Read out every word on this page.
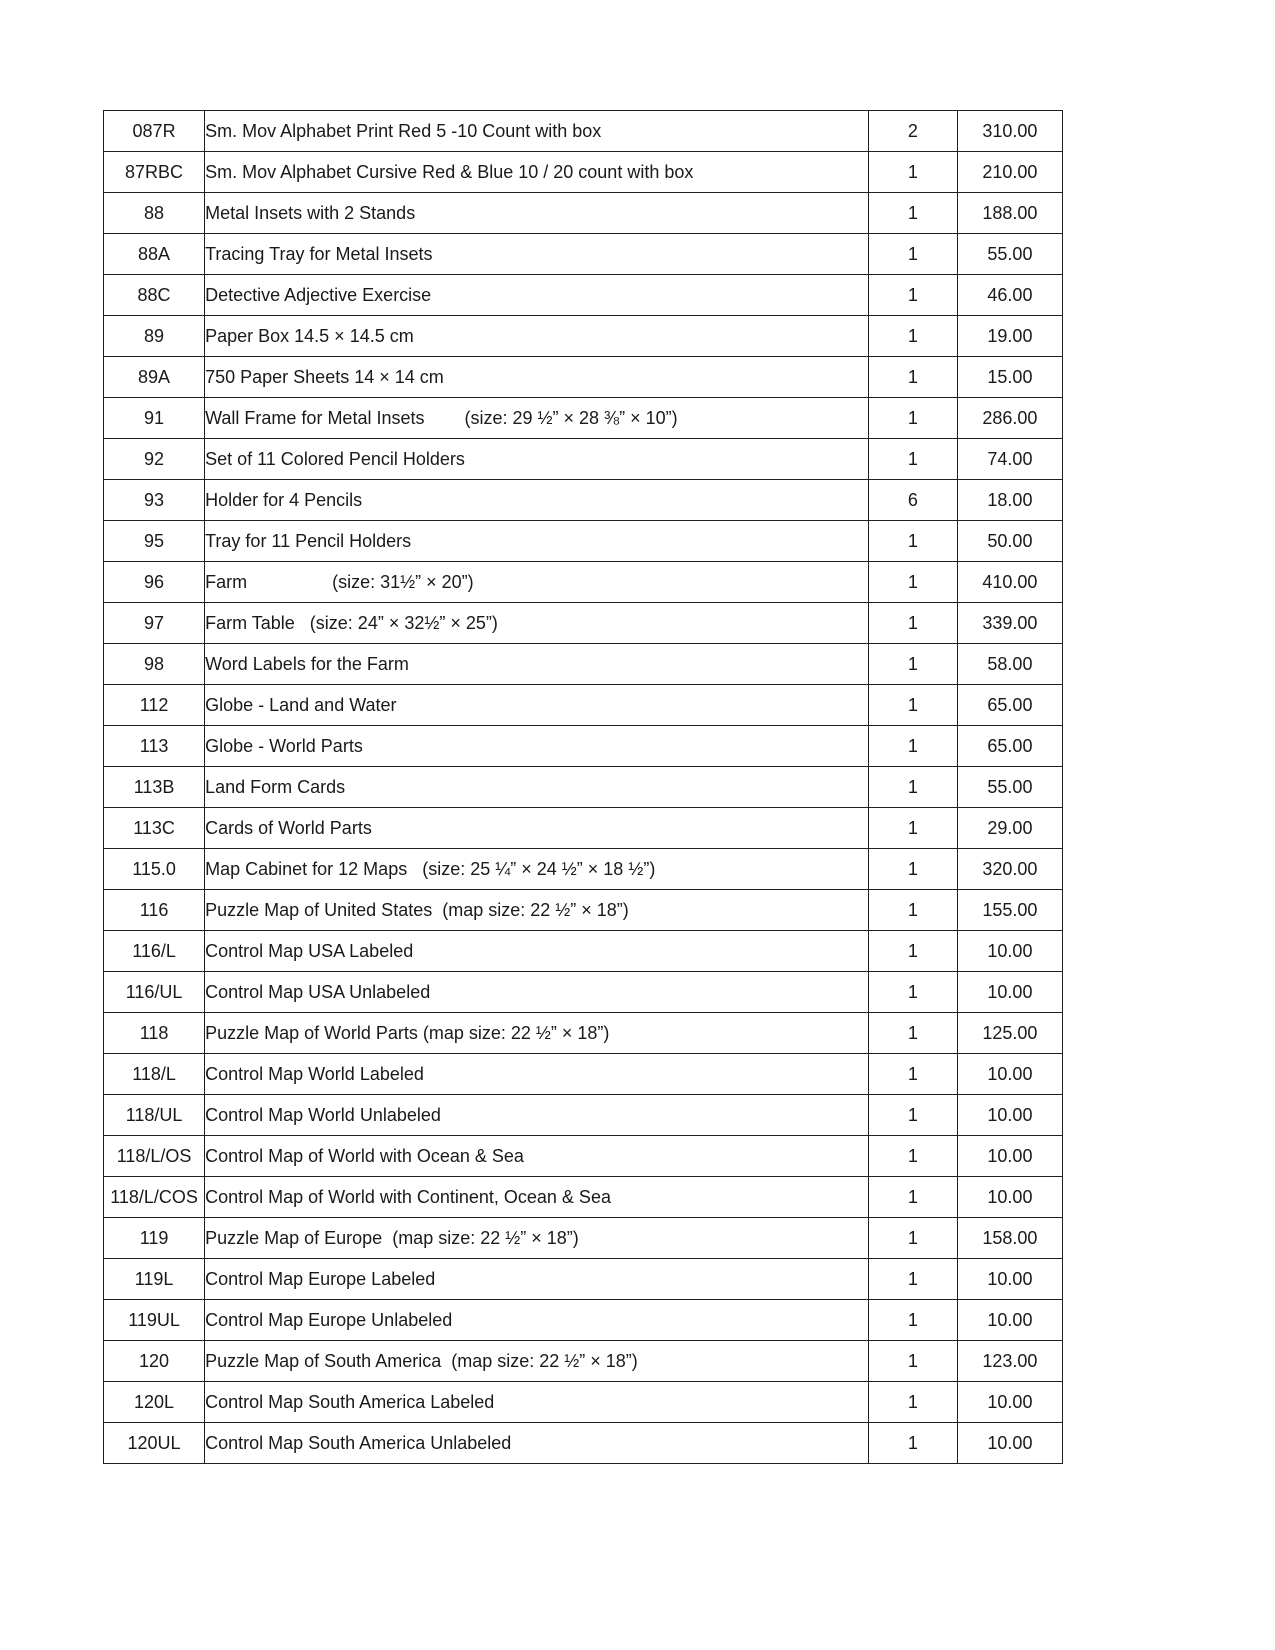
087R	Sm. Mov Alphabet Print Red 5 -10 Count with box	2	310.00
87RBC	Sm. Mov Alphabet Cursive Red & Blue 10 / 20 count with box	1	210.00
88	Metal Insets with 2 Stands	1	188.00
88A	Tracing Tray for Metal Insets	1	55.00
88C	Detective Adjective Exercise	1	46.00
89	Paper Box 14.5 × 14.5 cm	1	19.00
89A	750 Paper Sheets 14 × 14 cm	1	15.00
91	Wall Frame for Metal Insets        (size: 29 ½” × 28 ⅜” × 10”)	1	286.00
92	Set of 11 Colored Pencil Holders	1	74.00
93	Holder for 4 Pencils	6	18.00
95	Tray for 11 Pencil Holders	1	50.00
96	Farm                 (size: 31½” × 20”)	1	410.00
97	Farm Table   (size: 24” × 32½” × 25”)	1	339.00
98	Word Labels for the Farm	1	58.00
112	Globe - Land and Water	1	65.00
113	Globe - World Parts	1	65.00
113B	Land Form Cards	1	55.00
113C	Cards of World Parts	1	29.00
115.0	Map Cabinet for 12 Maps   (size: 25 ¼” × 24 ½” × 18 ½”)	1	320.00
116	Puzzle Map of United States  (map size: 22 ½” × 18”)	1	155.00
116/L	Control Map USA Labeled	1	10.00
116/UL	Control Map USA Unlabeled	1	10.00
118	Puzzle Map of World Parts (map size: 22 ½” × 18”)	1	125.00
118/L	Control Map World Labeled	1	10.00
118/UL	Control Map World Unlabeled	1	10.00
118/L/OS	Control Map of World with Ocean & Sea	1	10.00
118/L/COS	Control Map of World with Continent, Ocean & Sea	1	10.00
119	Puzzle Map of Europe  (map size: 22 ½” × 18”)	1	158.00
119L	Control Map Europe Labeled	1	10.00
119UL	Control Map Europe Unlabeled	1	10.00
120	Puzzle Map of South America  (map size: 22 ½” × 18”)	1	123.00
120L	Control Map South America Labeled	1	10.00
120UL	Control Map South America Unlabeled	1	10.00
